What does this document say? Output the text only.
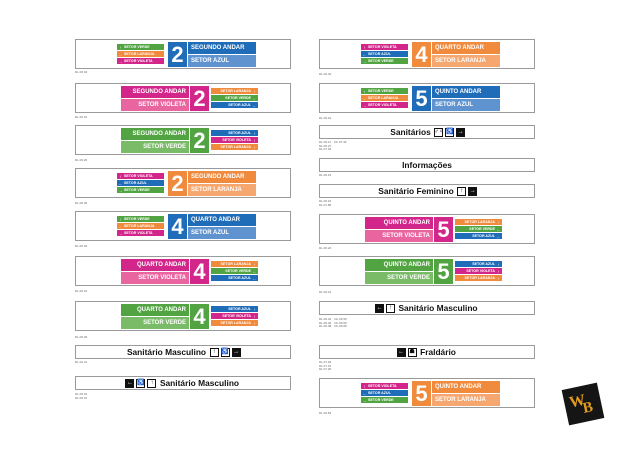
↑ SETOR VERDE
← SETOR LARANJA
→ SETOR VIOLETA 2	SEGUNDO ANDAR
SETOR AZUL
DL.06.04
SETOR LARANJA ↑
SETOR VERDE ←
SETOR AZUL ←
2
SEGUNDO ANDAR
SETOR VIOLETA
DL.06.16
SETOR AZUL ↑
SETOR VIOLETA ↑
SETOR LARANJA ↑
2
SEGUNDO ANDAR
SETOR VERDE
DL.06.26
↑ SETOR VIOLETA
← SETOR AZUL
→ SETOR VERDE 2	SEGUNDO ANDAR
SETOR LARANJA
DL.06.36
↑ SETOR VERDE
← SETOR LARANJA
→ SETOR VIOLETA 4	QUARTO ANDAR
SETOR AZUL
DL.06.04
SETOR LARANJA ↑
SETOR VERDE ←
SETOR AZUL ←
4
QUARTO ANDAR
SETOR VIOLETA
DL.06.16
SETOR AZUL ↑
SETOR VIOLETA ↑
SETOR LARANJA ↑
4
QUARTO ANDAR
SETOR VERDE
DL.06.26
↑ SETOR VIOLETA
← SETOR AZUL
→ SETOR VERDE 4	QUARTO ANDAR
SETOR LARANJA
DL.06.42
↑ SETOR VERDE
← SETOR LARANJA
→ SETOR VIOLETA 5	QUINTO ANDAR
SETOR AZUL
DL.06.10
SETOR LARANJA ↑
SETOR VERDE ←
SETOR AZUL ←
5
QUINTO ANDAR
SETOR VIOLETA
DL.06.22
SETOR AZUL ↑
SETOR VIOLETA ↑
SETOR LARANJA ↑
5
QUINTO ANDAR
SETOR VERDE
DL.06.41
↑ SETOR VIOLETA
← SETOR AZUL
→ SETOR VERDE 5	QUINTO ANDAR
SETOR LARANJA
DL.06.53
Sanitário Masculino	↑ ♿ →
DL.02.21
← ♿ ↑ Sanitário Masculino
DL.05.01
DL.05.07
Sanitários ♂♀ ♿ →
DL.06.11    DL.07.46
DL.06.27
DL.07.16
Informações
DL.06.15
Sanitário Feminino	↑	→
DL.06.16
DL.07.80
←	↑ Sanitário Masculino
DL.06.42    DL.06.50
DL.06.46    DL.06.60
DL.06.48    DL.06.69
← ☗ Fraldário
DL.07.04
DL.07.07
DL.07.20
W
B
